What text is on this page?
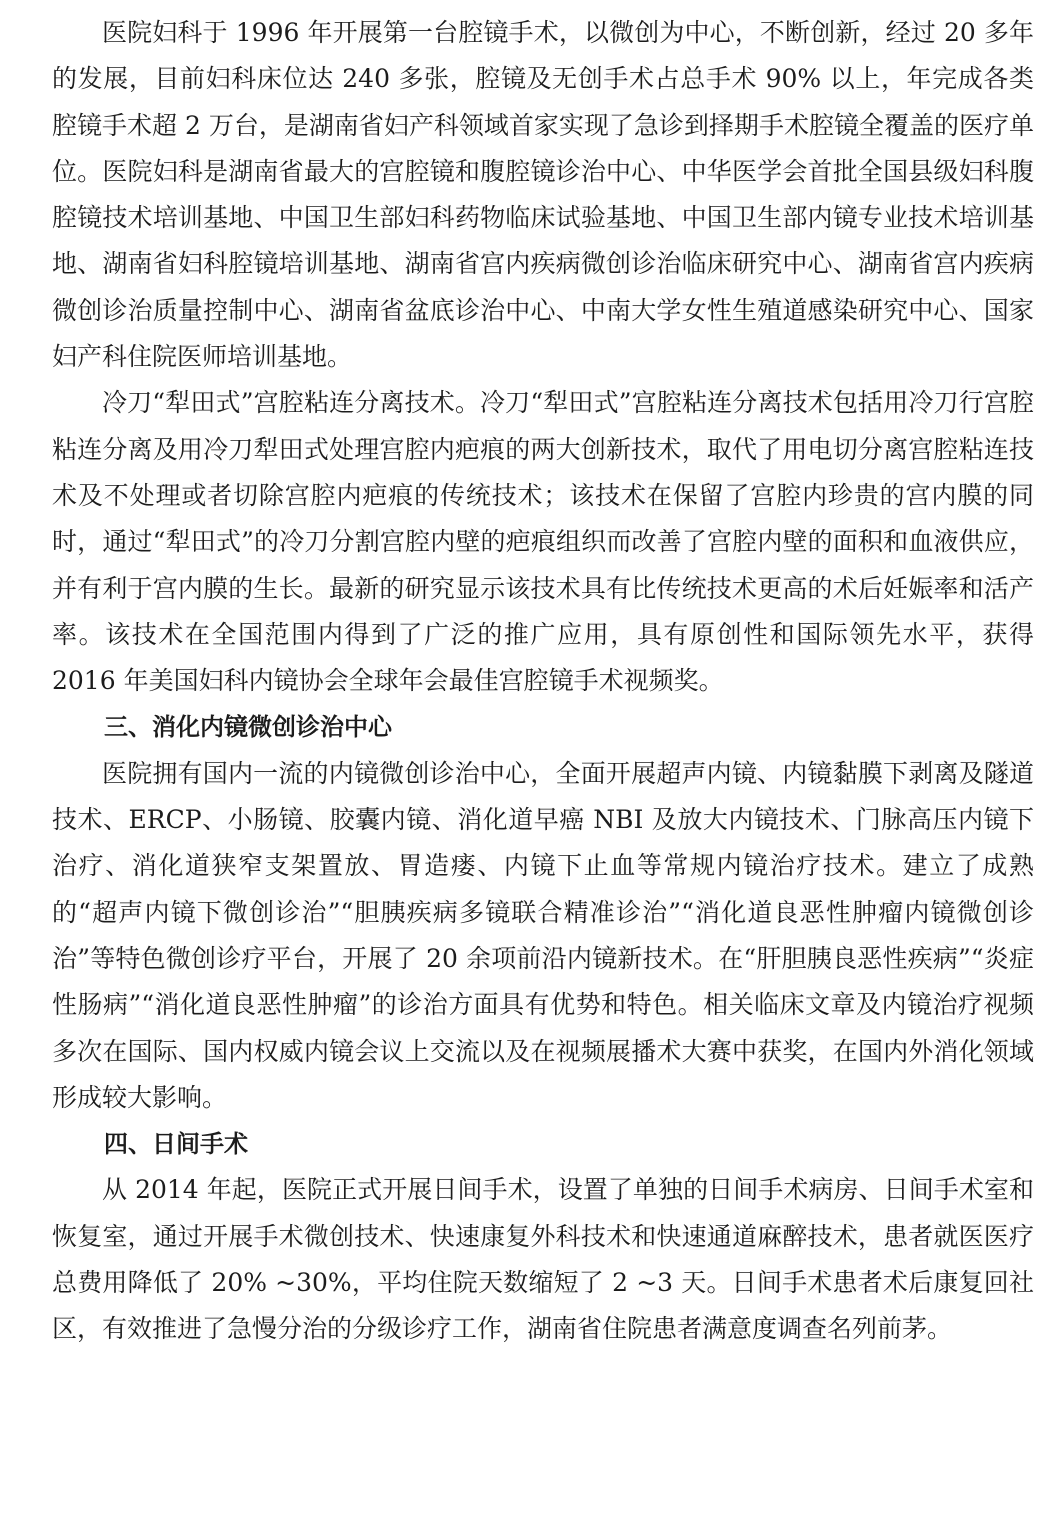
医院妇科于 1996 年开展第一台腔镜手术，以微创为中心，不断创新，经过 20 多年的发展，目前妇科床位达 240 多张，腔镜及无创手术占总手术 90% 以上，年完成各类腔镜手术超 2 万台，是湖南省妇产科领域首家实现了急诊到择期手术腔镜全覆盖的医疗单位。医院妇科是湖南省最大的宫腔镜和腹腔镜诊治中心、中华医学会首批全国县级妇科腹腔镜技术培训基地、中国卫生部妇科药物临床试验基地、中国卫生部内镜专业技术培训基地、湖南省妇科腔镜培训基地、湖南省宫内疾病微创诊治临床研究中心、湖南省宫内疾病微创诊治质量控制中心、湖南省盆底诊治中心、中南大学女性生殖道感染研究中心、国家妇产科住院医师培训基地。

冷刀“犁田式”宫腔粘连分离技术。冷刀“犁田式”宫腔粘连分离技术包括用冷刀行宫腔粘连分离及用冷刀犁田式处理宫腔内疤痕的两大创新技术，取代了用电切分离宫腔粘连技术及不处理或者切除宫腔内疤痕的传统技术；该技术在保留了宫腔内珍贵的宫内膜的同时，通过“犁田式”的冷刀分割宫腔内壁的疤痕组织而改善了宫腔内壁的面积和血液供应，并有利于宫内膜的生长。最新的研究显示该技术具有比传统技术更高的术后妊娠率和活产率。该技术在全国范围内得到了广泛的推广应用，具有原创性和国际领先水平，获得 2016 年美国妇科内镜协会全球年会最佳宫腔镜手术视频奖。

三、消化内镜微创诊治中心

医院拥有国内一流的内镜微创诊治中心，全面开展超声内镜、内镜黏膜下剥离及隧道技术、ERCP、小肠镜、胶囊内镜、消化道早癌 NBI 及放大内镜技术、门脉高压内镜下治疗、消化道狭窄支架置放、胃造瘘、内镜下止血等常规内镜治疗技术。建立了成熟的“超声内镜下微创诊治”“胆胰疾病多镜联合精准诊治”“消化道良恶性肿瘤内镜微创诊治”等特色微创诊疗平台，开展了 20 余项前沿内镜新技术。在“肝胆胰良恶性疾病”“炎症性肠病”“消化道良恶性肿瘤”的诊治方面具有优势和特色。相关临床文章及内镜治疗视频多次在国际、国内权威内镜会议上交流以及在视频展播术大赛中获奖，在国内外消化领域形成较大影响。

四、日间手术

从 2014 年起，医院正式开展日间手术，设置了单独的日间手术病房、日间手术室和恢复室，通过开展手术微创技术、快速康复外科技术和快速通道麻醉技术，患者就医医疗总费用降低了 20% ~30%，平均住院天数缩短了 2 ~3 天。日间手术患者术后康复回社区，有效推进了急慢分治的分级诊疗工作，湖南省住院患者满意度调查名列前茅。
